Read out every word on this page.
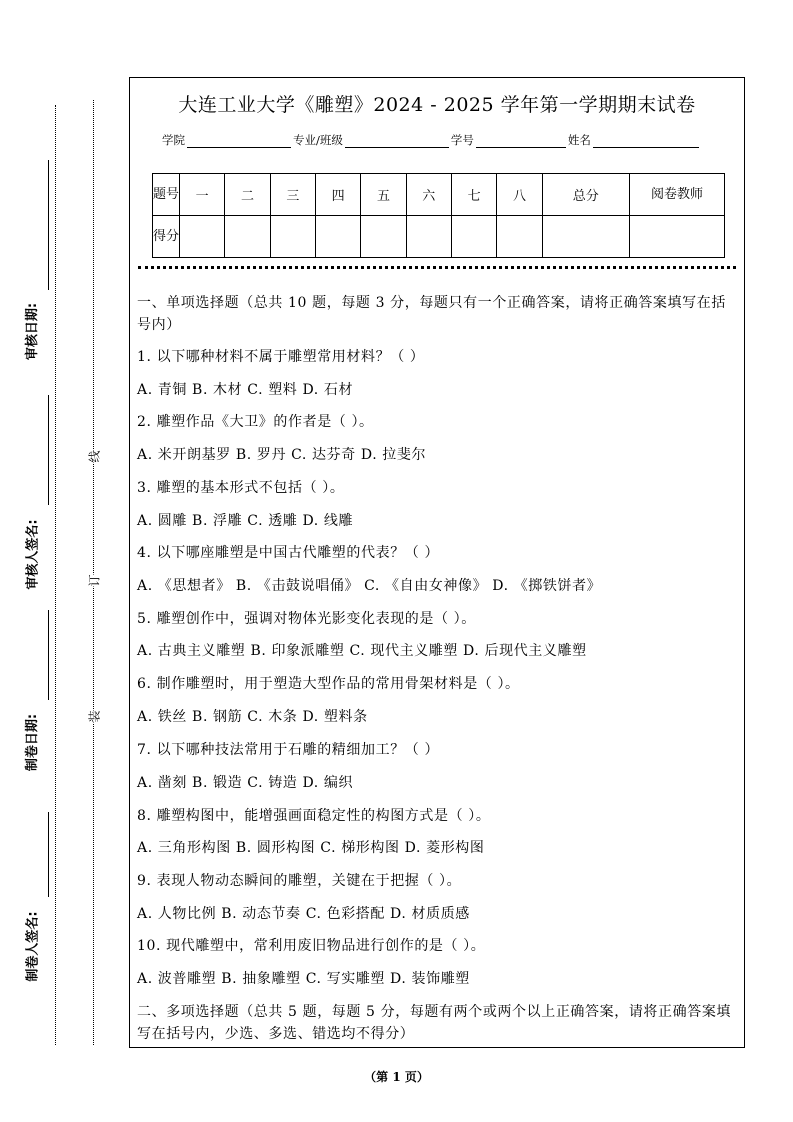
审核日期:
审核人签名:
制卷日期:
制卷人签名:
线
订
装
大连工业大学《雕塑》2024 - 2025 学年第一学期期末试卷
学院	专业/班级	学号	姓名
题号	一	二	三	四	五	六	七	八	总分	阅卷教师
得分										
一、单项选择题（总共 10 题，每题 3 分，每题只有一个正确答案，请将正确答案填写在括号内）
1. 以下哪种材料不属于雕塑常用材料？（ ）
A. 青铜 B. 木材 C. 塑料 D. 石材
2. 雕塑作品《大卫》的作者是（ ）。
A. 米开朗基罗 B. 罗丹 C. 达芬奇 D. 拉斐尔
3. 雕塑的基本形式不包括（ ）。
A. 圆雕 B. 浮雕 C. 透雕 D. 线雕
4. 以下哪座雕塑是中国古代雕塑的代表？（ ）
A. 《思想者》 B. 《击鼓说唱俑》 C. 《自由女神像》 D. 《掷铁饼者》
5. 雕塑创作中，强调对物体光影变化表现的是（ ）。
A. 古典主义雕塑 B. 印象派雕塑 C. 现代主义雕塑 D. 后现代主义雕塑
6. 制作雕塑时，用于塑造大型作品的常用骨架材料是（ ）。
A. 铁丝 B. 钢筋 C. 木条 D. 塑料条
7. 以下哪种技法常用于石雕的精细加工？（ ）
A. 凿刻 B. 锻造 C. 铸造 D. 编织
8. 雕塑构图中，能增强画面稳定性的构图方式是（ ）。
A. 三角形构图 B. 圆形构图 C. 梯形构图 D. 菱形构图
9. 表现人物动态瞬间的雕塑，关键在于把握（ ）。
A. 人物比例 B. 动态节奏 C. 色彩搭配 D. 材质质感
10. 现代雕塑中，常利用废旧物品进行创作的是（ ）。
A. 波普雕塑 B. 抽象雕塑 C. 写实雕塑 D. 装饰雕塑
二、多项选择题（总共 5 题，每题 5 分，每题有两个或两个以上正确答案，请将正确答案填写在括号内，少选、多选、错选均不得分）
（第 1 页）
